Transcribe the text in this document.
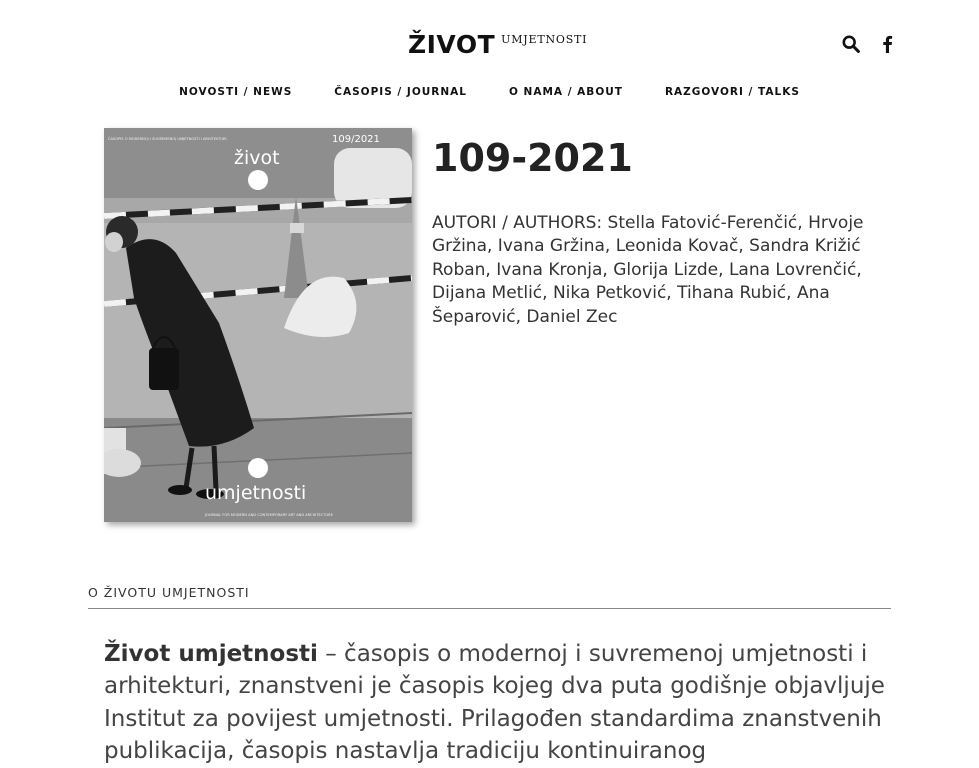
ŽIVOT UMJETNOSTI
NOVOSTI / NEWS	ČASOPIS / JOURNAL	O NAMA / ABOUT	RAZGOVORI / TALKS
ČASOPIS O MODERNOJ I SUVREMENOJ UMJETNOSTI I ARHITEKTURI	109/2021
život
umjetnosti
JOURNAL FOR MODERN AND CONTEMPORARY ART AND ARCHITECTURE
109-2021

AUTORI / AUTHORS: Stella Fatović-Ferenčić, Hrvoje Gržina, Ivana Gržina, Leonida Kovač, Sandra Križić Roban, Ivana Kronja, Glorija Lizde, Lana Lovrenčić, Dijana Metlić, Nika Petković, Tihana Rubić, Ana Šeparović, Daniel Zec

O ŽIVOTU UMJETNOSTI

Život umjetnosti – časopis o modernoj i suvremenoj umjetnosti i arhitekturi, znanstveni je časopis kojeg dva puta godišnje objavljuje Institut za povijest umjetnosti. Prilagođen standardima znanstvenih publikacija, časopis nastavlja tradiciju kontinuiranog
